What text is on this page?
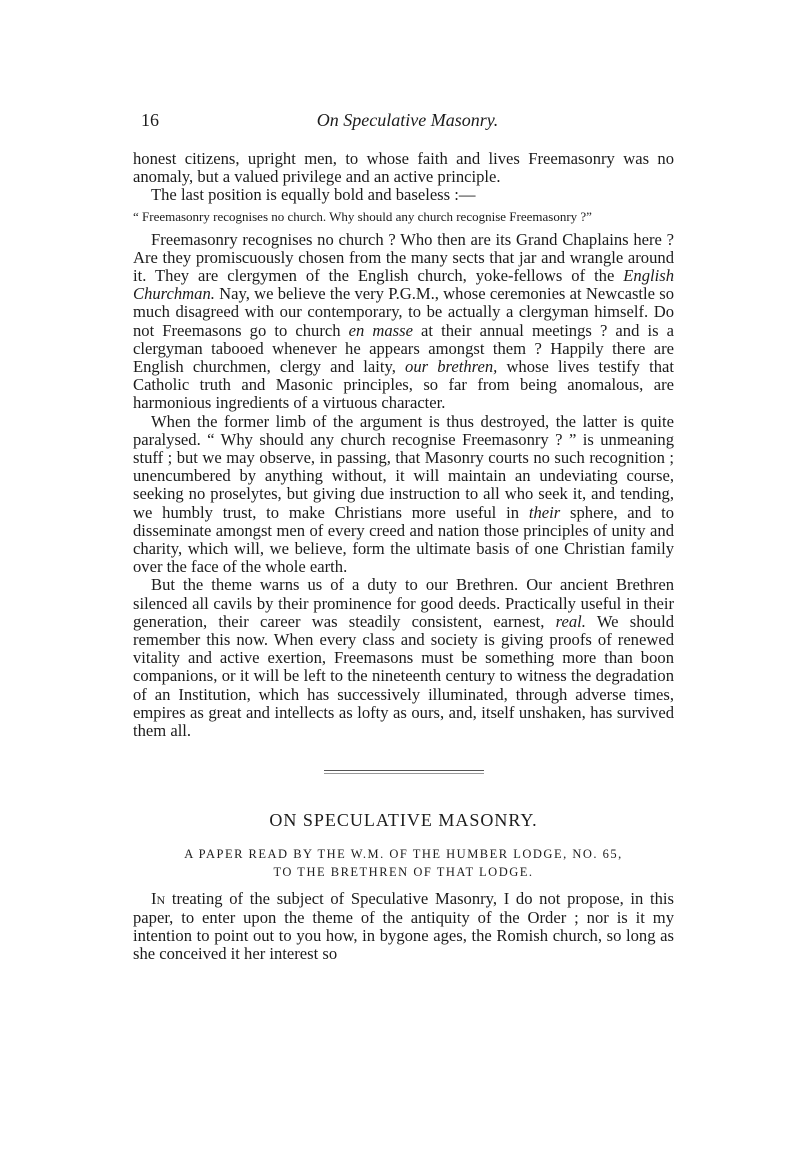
16	On Speculative Masonry.

honest citizens, upright men, to whose faith and lives Freemasonry was no anomaly, but a valued privilege and an active principle.

The last position is equally bold and baseless :—

“ Freemasonry recognises no church. Why should any church recognise Freemasonry ?”

Freemasonry recognises no church ? Who then are its Grand Chaplains here ? Are they promiscuously chosen from the many sects that jar and wrangle around it. They are clergymen of the English church, yoke-fellows of the English Churchman. Nay, we believe the very P.G.M., whose ceremonies at Newcastle so much disagreed with our contemporary, to be actually a clergyman himself. Do not Freemasons go to church en masse at their annual meetings ? and is a clergyman tabooed whenever he appears amongst them ? Happily there are English churchmen, clergy and laity, our brethren, whose lives testify that Catholic truth and Masonic principles, so far from being anomalous, are harmonious ingredients of a virtuous character.

When the former limb of the argument is thus destroyed, the latter is quite paralysed. “ Why should any church recognise Freemasonry ? ” is unmeaning stuff ; but we may observe, in passing, that Masonry courts no such recognition ; unencumbered by anything without, it will maintain an undeviating course, seeking no proselytes, but giving due instruction to all who seek it, and tending, we humbly trust, to make Christians more useful in their sphere, and to disseminate amongst men of every creed and nation those principles of unity and charity, which will, we believe, form the ultimate basis of one Christian family over the face of the whole earth.

But the theme warns us of a duty to our Brethren. Our ancient Brethren silenced all cavils by their prominence for good deeds. Practically useful in their generation, their career was steadily consistent, earnest, real. We should remember this now. When every class and society is giving proofs of renewed vitality and active exertion, Freemasons must be something more than boon companions, or it will be left to the nineteenth century to witness the degradation of an Institution, which has successively illuminated, through adverse times, empires as great and intellects as lofty as ours, and, itself unshaken, has survived them all.

ON SPECULATIVE MASONRY.
A PAPER READ BY THE W.M. OF THE HUMBER LODGE, NO. 65,
TO THE BRETHREN OF THAT LODGE.

In treating of the subject of Speculative Masonry, I do not propose, in this paper, to enter upon the theme of the antiquity of the Order ; nor is it my intention to point out to you how, in bygone ages, the Romish church, so long as she conceived it her interest so
